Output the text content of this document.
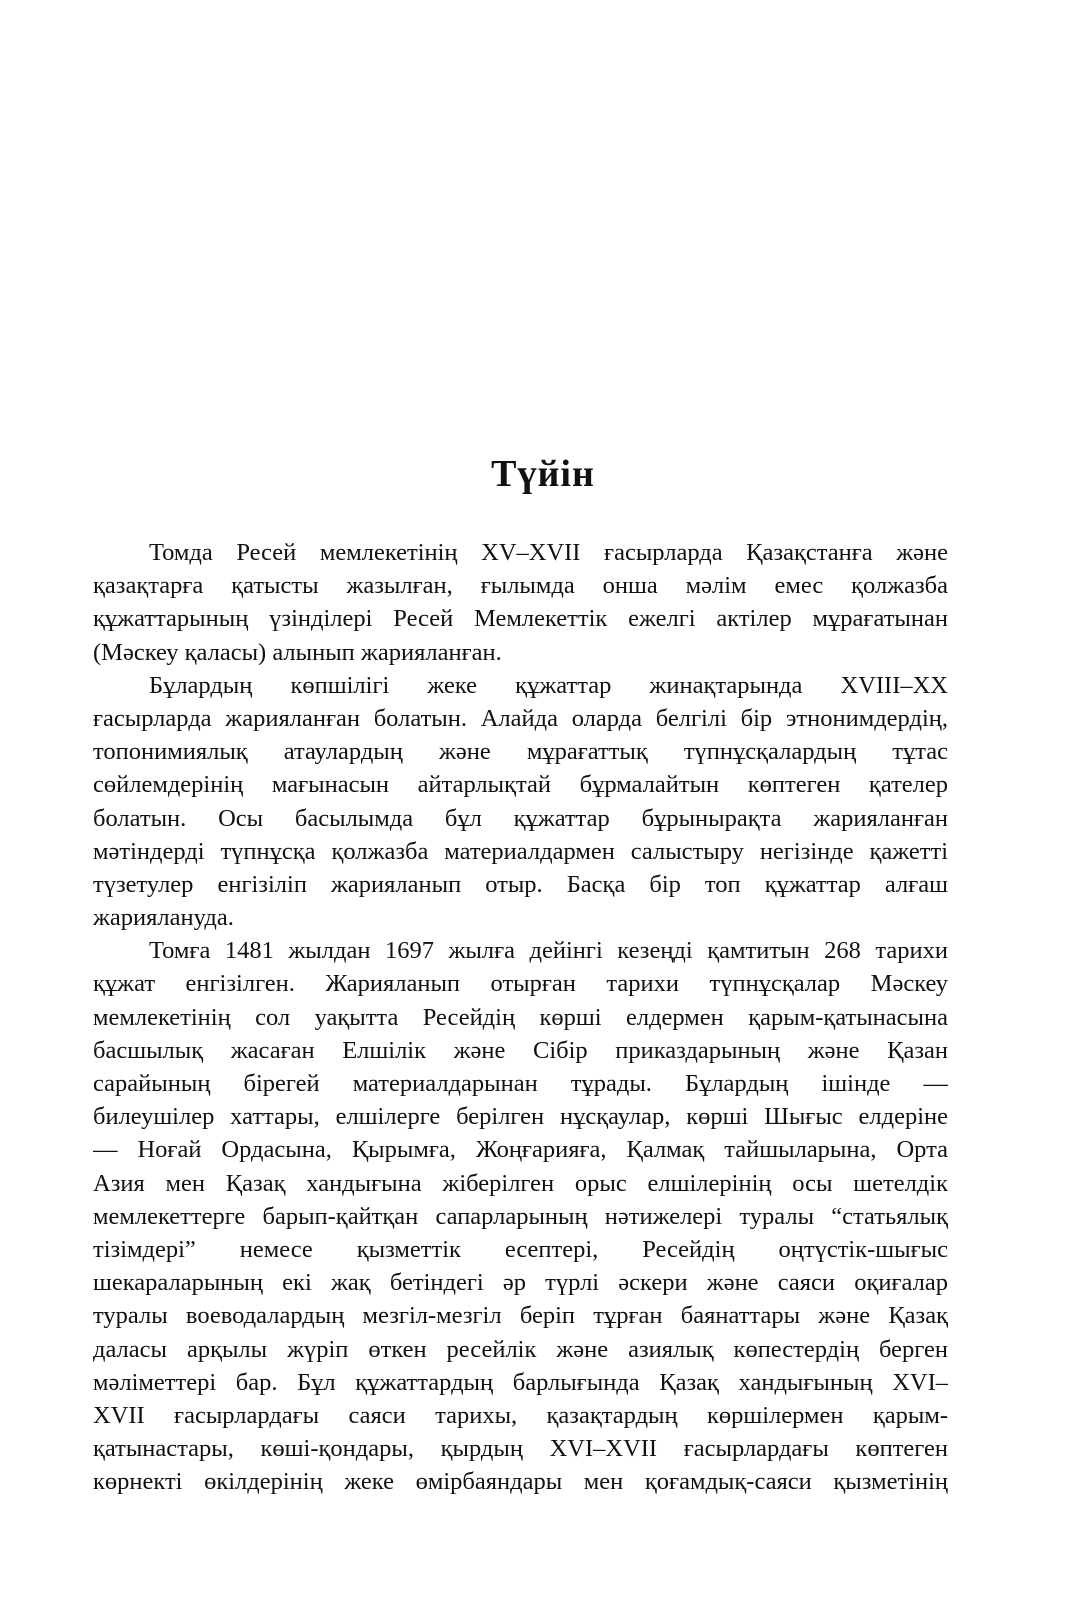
Түйін
Томда Ресей мемлекетінің XV–XVII ғасырларда Қазақстанға және
қазақтарға қатысты жазылған, ғылымда онша мәлім емес қолжазба
құжаттарының үзінділері Ресей Мемлекеттік ежелгі актілер мұрағатынан
(Мәскеу қаласы) алынып жарияланған.
Бұлардың көпшілігі жеке құжаттар жинақтарында XVIII–XX
ғасырларда жарияланған болатын. Алайда оларда белгілі бір этнонимдердің,
топонимиялық атаулардың және мұрағаттық түпнұсқалардың тұтас
сөйлемдерінің мағынасын айтарлықтай бұрмалайтын көптеген қателер
болатын. Осы басылымда бұл құжаттар бұрынырақта жарияланған
мәтіндерді түпнұсқа қолжазба материалдармен салыстыру негізінде қажетті
түзетулер енгізіліп жарияланып отыр. Басқа бір топ құжаттар алғаш
жариялануда.
Томға 1481 жылдан 1697 жылға дейінгі кезеңді қамтитын 268 тарихи
құжат енгізілген. Жарияланып отырған тарихи түпнұсқалар Мәскеу
мемлекетінің сол уақытта Ресейдің көрші елдермен қарым-қатынасына
басшылық жасаған Елшілік және Сібір приказдарының және Қазан
сарайының бірегей материалдарынан тұрады. Бұлардың ішінде —
билеушілер хаттары, елшілерге берілген нұсқаулар, көрші Шығыс елдеріне
— Ноғай Ордасына, Қырымға, Жоңғарияға, Қалмақ тайшыларына, Орта
Азия мен Қазақ хандығына жіберілген орыс елшілерінің осы шетелдік
мемлекеттерге барып-қайтқан сапарларының нәтижелері туралы “статьялық
тізімдері” немесе қызметтік есептері, Ресейдің оңтүстік-шығыс
шекараларының екі жақ бетіндегі әр түрлі әскери және саяси оқиғалар
туралы воеводалардың мезгіл-мезгіл беріп тұрған баянаттары және Қазақ
даласы арқылы жүріп өткен ресейлік және азиялық көпестердің берген
мәліметтері бар. Бұл құжаттардың барлығында Қазақ хандығының XVI–
XVII ғасырлардағы саяси тарихы, қазақтардың көршілермен қарым-
қатынастары, көші-қондары, қырдың XVI–XVII ғасырлардағы көптеген
көрнекті өкілдерінің жеке өмірбаяндары мен қоғамдық-саяси қызметінің
